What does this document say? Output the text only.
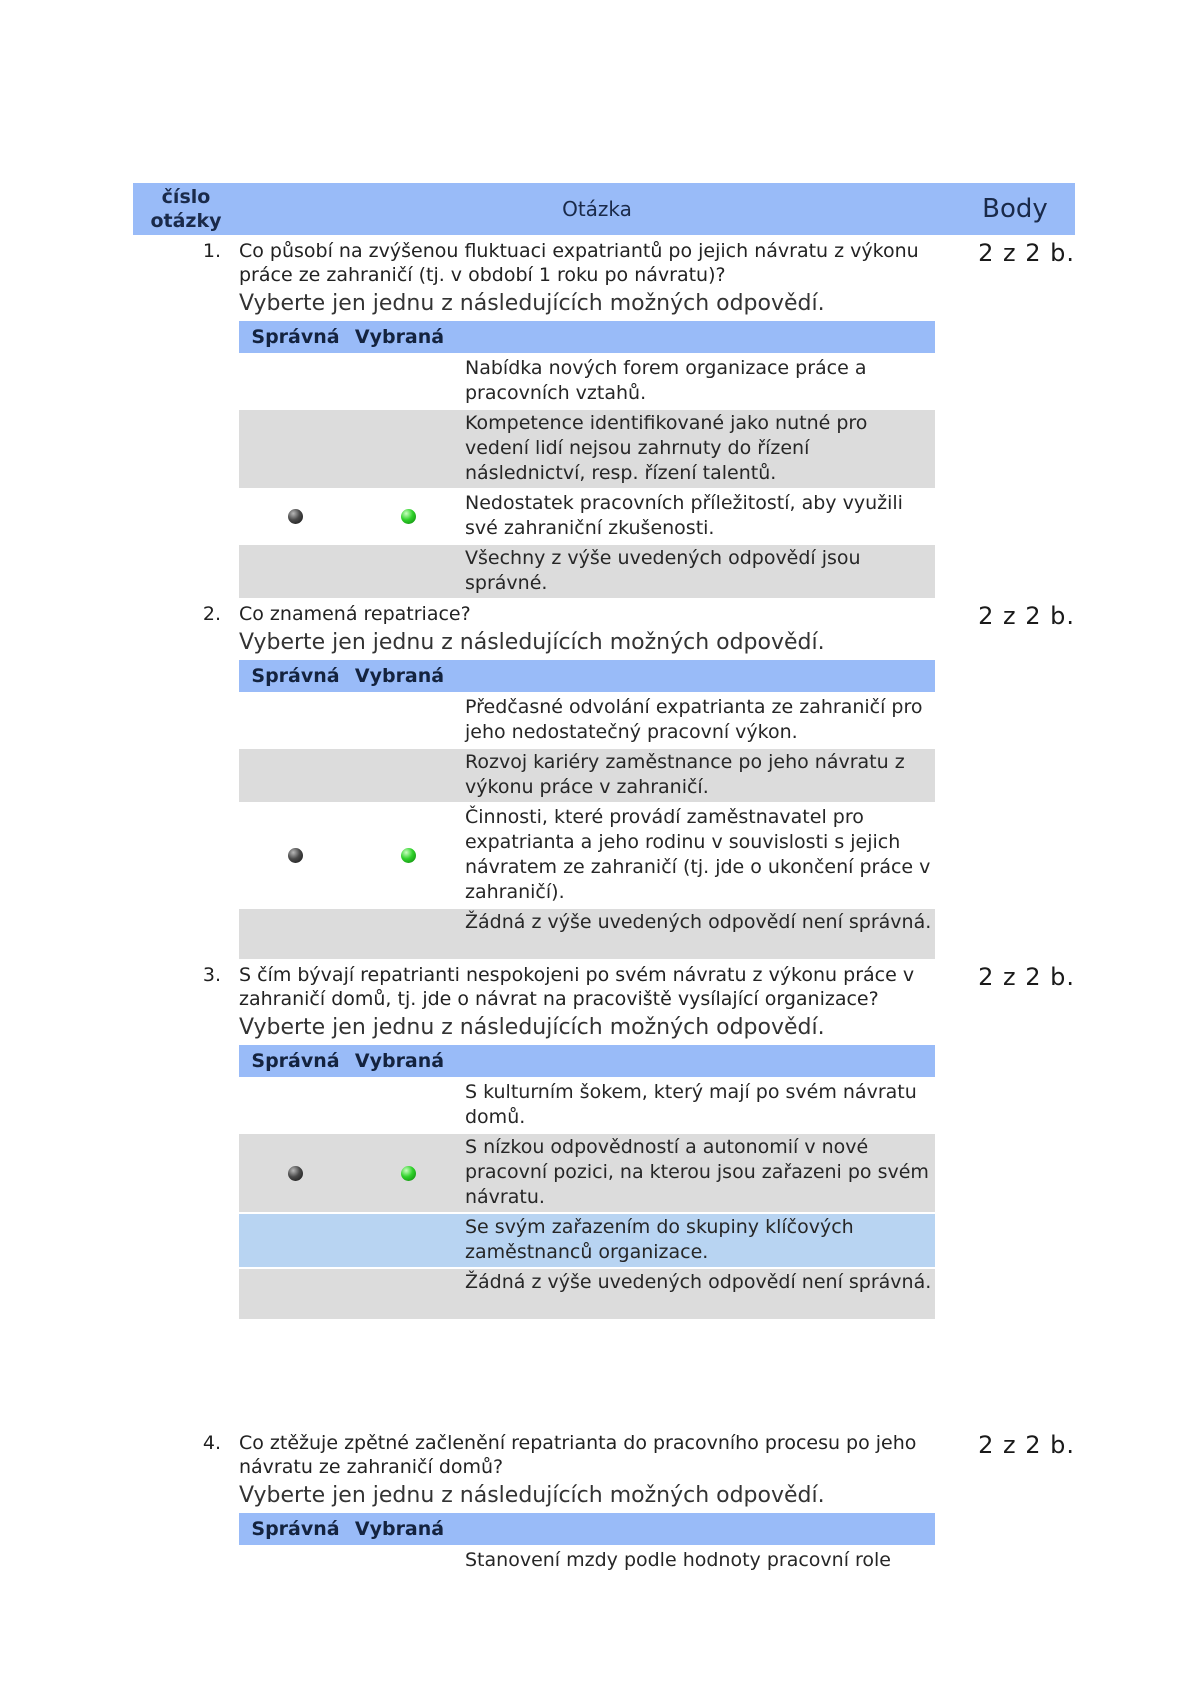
číslo otázky	Otázka	Body
1. Co působí na zvýšenou fluktuaci expatriantů po jejich návratu z výkonu práce ze zahraničí (tj. v období 1 roku po návratu)?
Vyberte jen jednu z následujících možných odpovědí.
Správná Vybraná
Nabídka nových forem organizace práce a pracovních vztahů.
Kompetence identifikované jako nutné pro vedení lidí nejsou zahrnuty do řízení následnictví, resp. řízení talentů.
Nedostatek pracovních příležitostí, aby využili své zahraniční zkušenosti.
Všechny z výše uvedených odpovědí jsou správné.
2 z 2 b.
2. Co znamená repatriace?
Vyberte jen jednu z následujících možných odpovědí.
Správná Vybraná
Předčasné odvolání expatrianta ze zahraničí pro jeho nedostatečný pracovní výkon.
Rozvoj kariéry zaměstnance po jeho návratu z výkonu práce v zahraničí.
Činnosti, které provádí zaměstnavatel pro expatrianta a jeho rodinu v souvislosti s jejich návratem ze zahraničí (tj. jde o ukončení práce v zahraničí).
Žádná z výše uvedených odpovědí není správná.
2 z 2 b.
3. S čím bývají repatrianti nespokojeni po svém návratu z výkonu práce v zahraničí domů, tj. jde o návrat na pracoviště vysílající organizace?
Vyberte jen jednu z následujících možných odpovědí.
Správná Vybraná
S kulturním šokem, který mají po svém návratu domů.
S nízkou odpovědností a autonomií v nové pracovní pozici, na kterou jsou zařazeni po svém návratu.
Se svým zařazením do skupiny klíčových zaměstnanců organizace.
Žádná z výše uvedených odpovědí není správná.
2 z 2 b.
4. Co ztěžuje zpětné začlenění repatrianta do pracovního procesu po jeho návratu ze zahraničí domů?
Vyberte jen jednu z následujících možných odpovědí.
Správná Vybraná
Stanovení mzdy podle hodnoty pracovní role
2 z 2 b.
